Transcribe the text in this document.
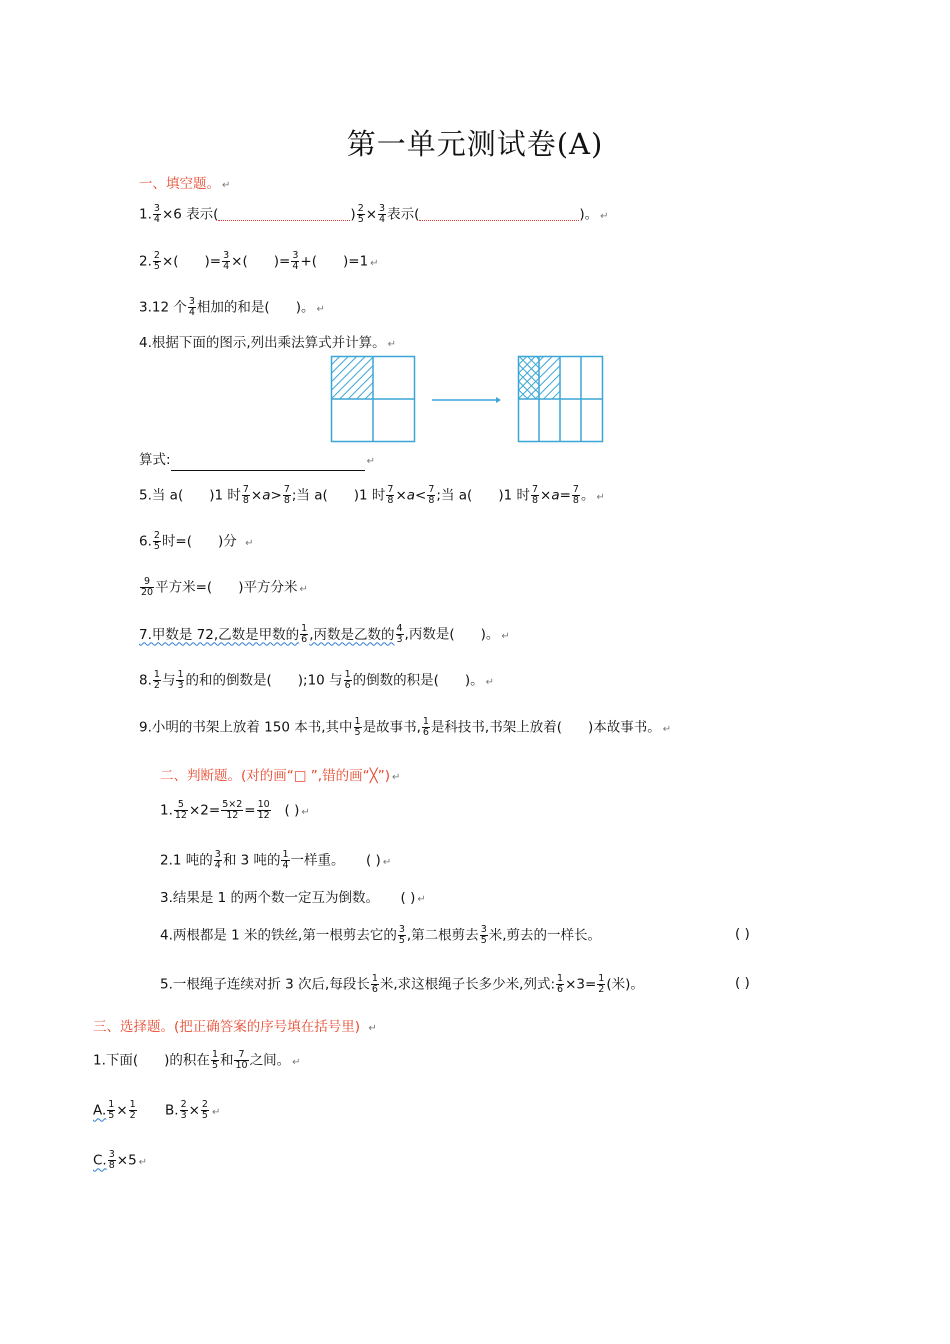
第一单元测试卷(A)
一、填空题。 ↵
1. $\frac{3}{4} \times 6$ 表示(	) $\frac{2}{5} \times \frac{3}{4}$ 表示(	)。 ↵
2. $\frac{2}{5}$ ×( )= $\frac{3}{4}$ ×( )= $\frac{3}{4}$ +( )=1 ↵
3.12 个 $\frac{3}{4}$ 相加的和是( )。 ↵
4.根据下面的图示,列出乘法算式并计算。 ↵
算式:	↵
5.当 a( )1 时 $\frac{7}{8} \times a> \frac{7}{8}$ ;当 a( )1 时 $\frac{7}{8} \times a< \frac{7}{8}$ ;当 a( )1 时 $\frac{7}{8} \times a= \frac{7}{8}$ 。 ↵
6. $\frac{2}{5}$ 时=( )分  ↵
$\frac{9}{20}$ 平方米=( )平方分米 ↵
7.甲数是 72,乙数是甲数的 $\frac{1}{6}$ ,丙数是乙数的 $\frac{4}{3}$ ,丙数是( )。 ↵
8. $\frac{1}{2}$ 与 $\frac{1}{3}$ 的和的倒数是( );10 与 $\frac{1}{6}$ 的倒数的积是( )。 ↵
9.小明的书架上放着 150 本书,其中 $\frac{1}{5}$ 是故事书, $\frac{1}{6}$ 是科技书,书架上放着( )本故事书。 ↵
二、判断题。(对的画“□ ”,错的画“╳”) ↵
1. $\frac{5}{12} \times 2= \frac{5\times 2}{12} = \frac{10}{12}$ ( ) ↵
2.1 吨的 $\frac{3}{4}$ 和 3 吨的 $\frac{1}{4}$ 一样重。 ( ) ↵
3.结果是 1 的两个数一定互为倒数。 ( ) ↵
4.两根都是 1 米的铁丝,第一根剪去它的 $\frac{3}{5}$ ,第二根剪去 $\frac{3}{5}$ 米,剪去的一样长。	( )
5.一根绳子连续对折 3 次后,每段长 $\frac{1}{6}$ 米,求这根绳子长多少米,列式: $\frac{1}{6} \times 3= \frac{1}{2}$ (米)。	( )
三、选择题。(把正确答案的序号填在括号里)  ↵
1.下面( )的积在 $\frac{1}{5}$ 和 $\frac{7}{10}$ 之间。 ↵
A. $\frac{1}{5} \times \frac{1}{2} B$. $\frac{2}{3} \times \frac{2}{5}$ ↵
C. $\frac{3}{8} \times 5$ ↵
